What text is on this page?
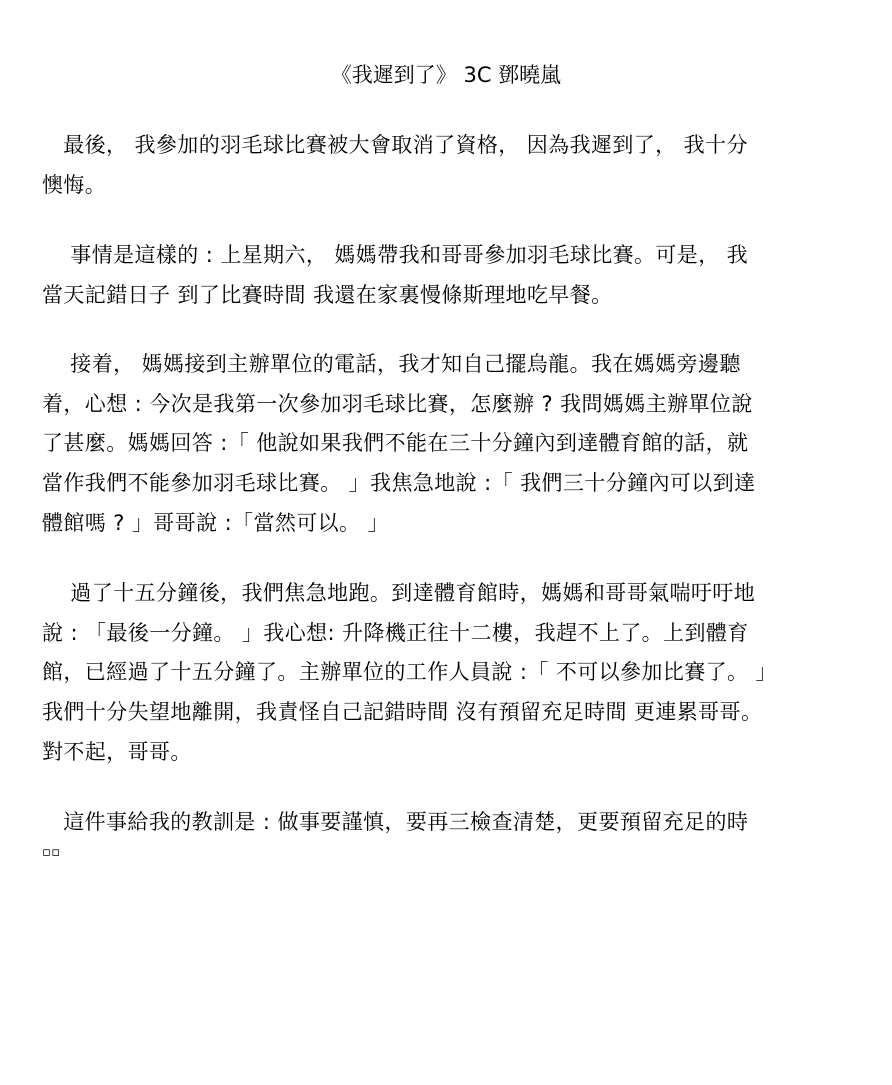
《我遲到了》 3C 鄧曉嵐
最後， 我參加的羽毛球比賽被大會取消了資格， 因為我遲到了， 我十分
懊悔。
事情是這樣的 : 上星期六， 媽媽帶我和哥哥參加羽毛球比賽。可是， 我
當天記錯日子 到了比賽時間 我還在家裏慢條斯理地吃早餐。
接着， 媽媽接到主辦單位的電話，我才知自己擺烏龍。我在媽媽旁邊聽
着，心想 : 今次是我第一次參加羽毛球比賽，怎麼辦 ? 我問媽媽主辦單位說
了甚麼。媽媽回答 :「 他說如果我們不能在三十分鐘內到達體育館的話，就
當作我們不能參加羽毛球比賽。 」我焦急地說 :「 我們三十分鐘內可以到達
體館嗎 ? 」哥哥說 :「當然可以。 」
過了十五分鐘後，我們焦急地跑。到達體育館時，媽媽和哥哥氣喘吁吁地
說 : 「最後一分鐘。 」我心想: 升降機正往十二樓，我趕不上了。上到體育
館，已經過了十五分鐘了。主辦單位的工作人員說 :「 不可以參加比賽了。 」
我們十分失望地離開，我責怪自己記錯時間 沒有預留充足時間 更連累哥哥。
對不起，哥哥。
這件事給我的教訓是 : 做事要謹慎，要再三檢查清楚，更要預留充足的時
▫▫
